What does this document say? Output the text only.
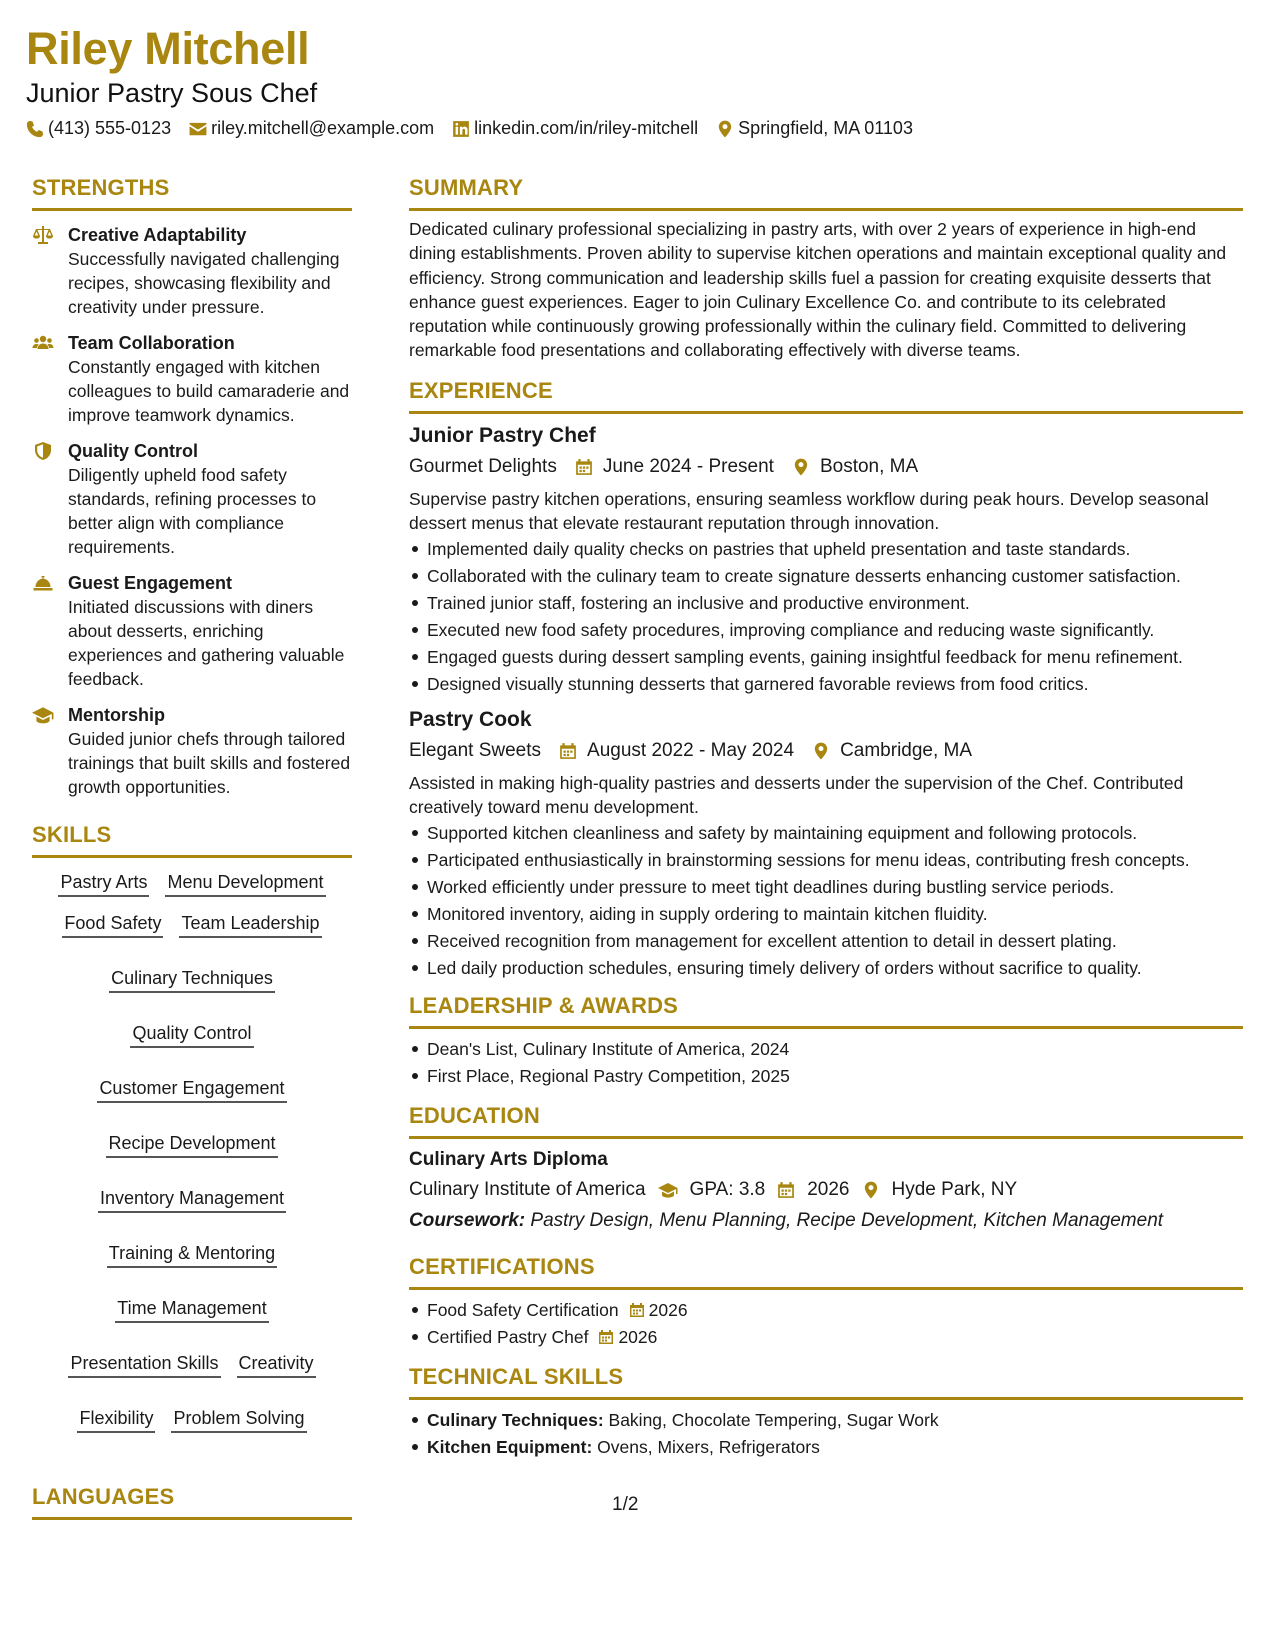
Riley Mitchell
Junior Pastry Sous Chef
(413) 555-0123 riley.mitchell@example.com linkedin.com/in/riley-mitchell Springfield, MA 01103
STRENGTHS
Creative Adaptability
Successfully navigated challenging recipes, showcasing flexibility and creativity under pressure.
Team Collaboration
Constantly engaged with kitchen colleagues to build camaraderie and improve teamwork dynamics.
Quality Control
Diligently upheld food safety standards, refining processes to better align with compliance requirements.
Guest Engagement
Initiated discussions with diners about desserts, enriching experiences and gathering valuable feedback.
Mentorship
Guided junior chefs through tailored trainings that built skills and fostered growth opportunities.
SKILLS
Pastry Arts Menu Development
Food Safety Team Leadership
Culinary Techniques
Quality Control
Customer Engagement
Recipe Development
Inventory Management
Training & Mentoring
Time Management
Presentation Skills Creativity
Flexibility Problem Solving
LANGUAGES
SUMMARY
Dedicated culinary professional specializing in pastry arts, with over 2 years of experience in high-end dining establishments. Proven ability to supervise kitchen operations and maintain exceptional quality and efficiency. Strong communication and leadership skills fuel a passion for creating exquisite desserts that enhance guest experiences. Eager to join Culinary Excellence Co. and contribute to its celebrated reputation while continuously growing professionally within the culinary field. Committed to delivering remarkable food presentations and collaborating effectively with diverse teams.
EXPERIENCE
Junior Pastry Chef
Gourmet Delights June 2024 - Present Boston, MA
Supervise pastry kitchen operations, ensuring seamless workflow during peak hours. Develop seasonal dessert menus that elevate restaurant reputation through innovation.
Implemented daily quality checks on pastries that upheld presentation and taste standards.
Collaborated with the culinary team to create signature desserts enhancing customer satisfaction.
Trained junior staff, fostering an inclusive and productive environment.
Executed new food safety procedures, improving compliance and reducing waste significantly.
Engaged guests during dessert sampling events, gaining insightful feedback for menu refinement.
Designed visually stunning desserts that garnered favorable reviews from food critics.
Pastry Cook
Elegant Sweets August 2022 - May 2024 Cambridge, MA
Assisted in making high-quality pastries and desserts under the supervision of the Chef. Contributed creatively toward menu development.
Supported kitchen cleanliness and safety by maintaining equipment and following protocols.
Participated enthusiastically in brainstorming sessions for menu ideas, contributing fresh concepts.
Worked efficiently under pressure to meet tight deadlines during bustling service periods.
Monitored inventory, aiding in supply ordering to maintain kitchen fluidity.
Received recognition from management for excellent attention to detail in dessert plating.
Led daily production schedules, ensuring timely delivery of orders without sacrifice to quality.
LEADERSHIP & AWARDS
Dean's List, Culinary Institute of America, 2024
First Place, Regional Pastry Competition, 2025
EDUCATION
Culinary Arts Diploma
Culinary Institute of America GPA: 3.8 2026 Hyde Park, NY
Coursework: Pastry Design, Menu Planning, Recipe Development, Kitchen Management
CERTIFICATIONS
Food Safety Certification 2026
Certified Pastry Chef 2026
TECHNICAL SKILLS
Culinary Techniques: Baking, Chocolate Tempering, Sugar Work
Kitchen Equipment: Ovens, Mixers, Refrigerators
1/2
